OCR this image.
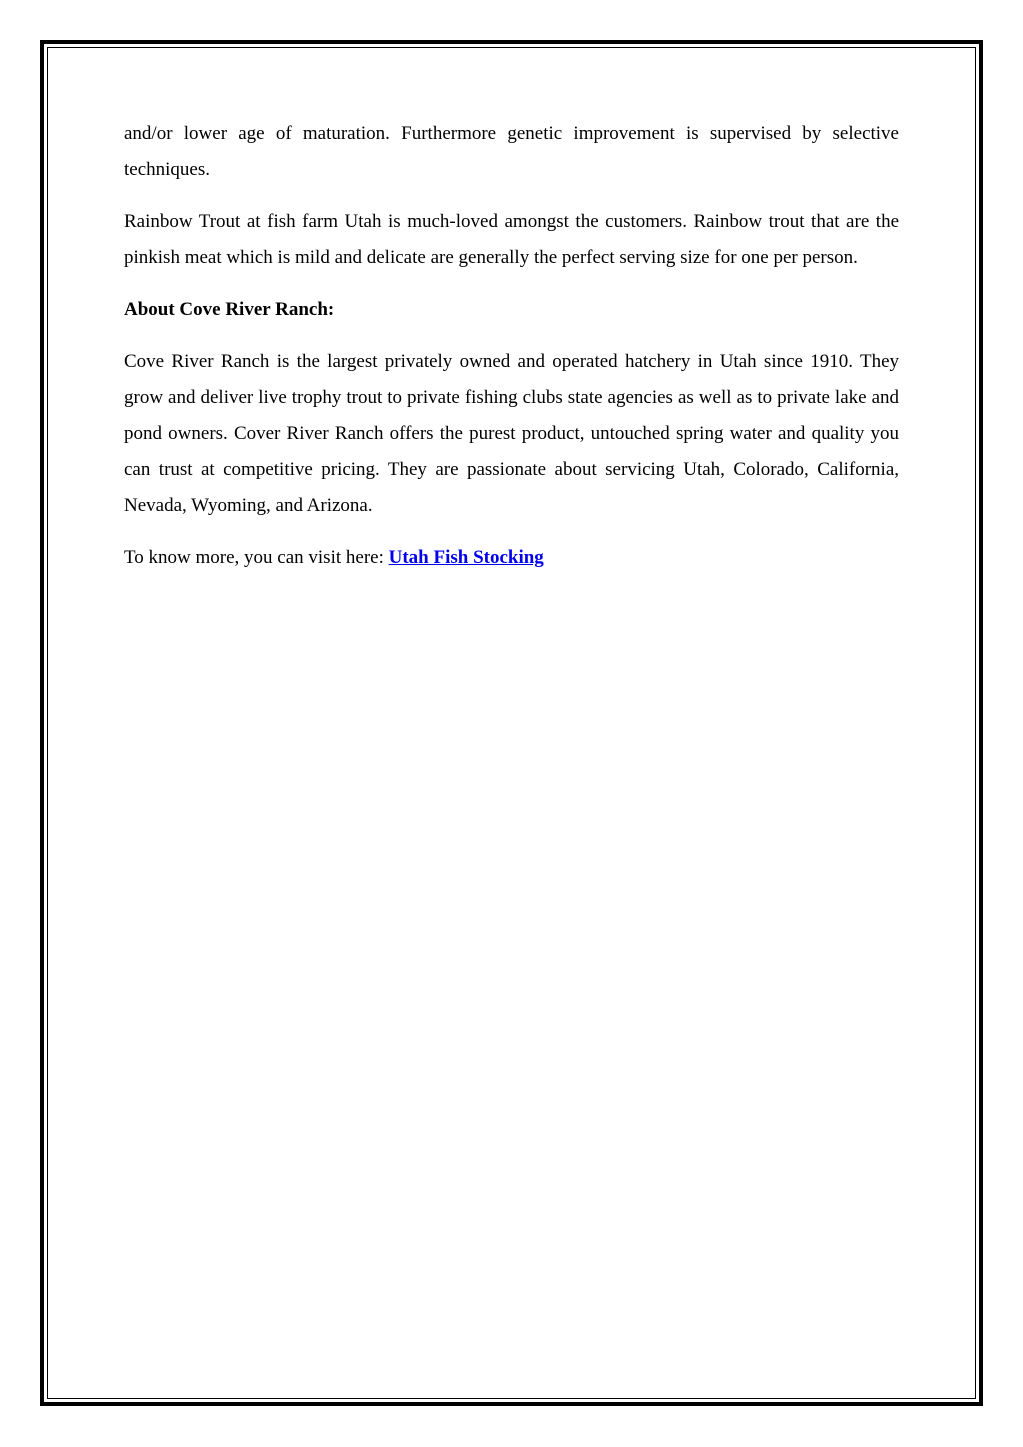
and/or lower age of maturation. Furthermore genetic improvement is supervised by selective techniques.

Rainbow Trout at fish farm Utah is much-loved amongst the customers. Rainbow trout that are the pinkish meat which is mild and delicate are generally the perfect serving size for one per person.

About Cove River Ranch:

Cove River Ranch is the largest privately owned and operated hatchery in Utah since 1910. They grow and deliver live trophy trout to private fishing clubs state agencies as well as to private lake and pond owners. Cover River Ranch offers the purest product, untouched spring water and quality you can trust at competitive pricing. They are passionate about servicing Utah, Colorado, California, Nevada, Wyoming, and Arizona.

To know more, you can visit here: Utah Fish Stocking
